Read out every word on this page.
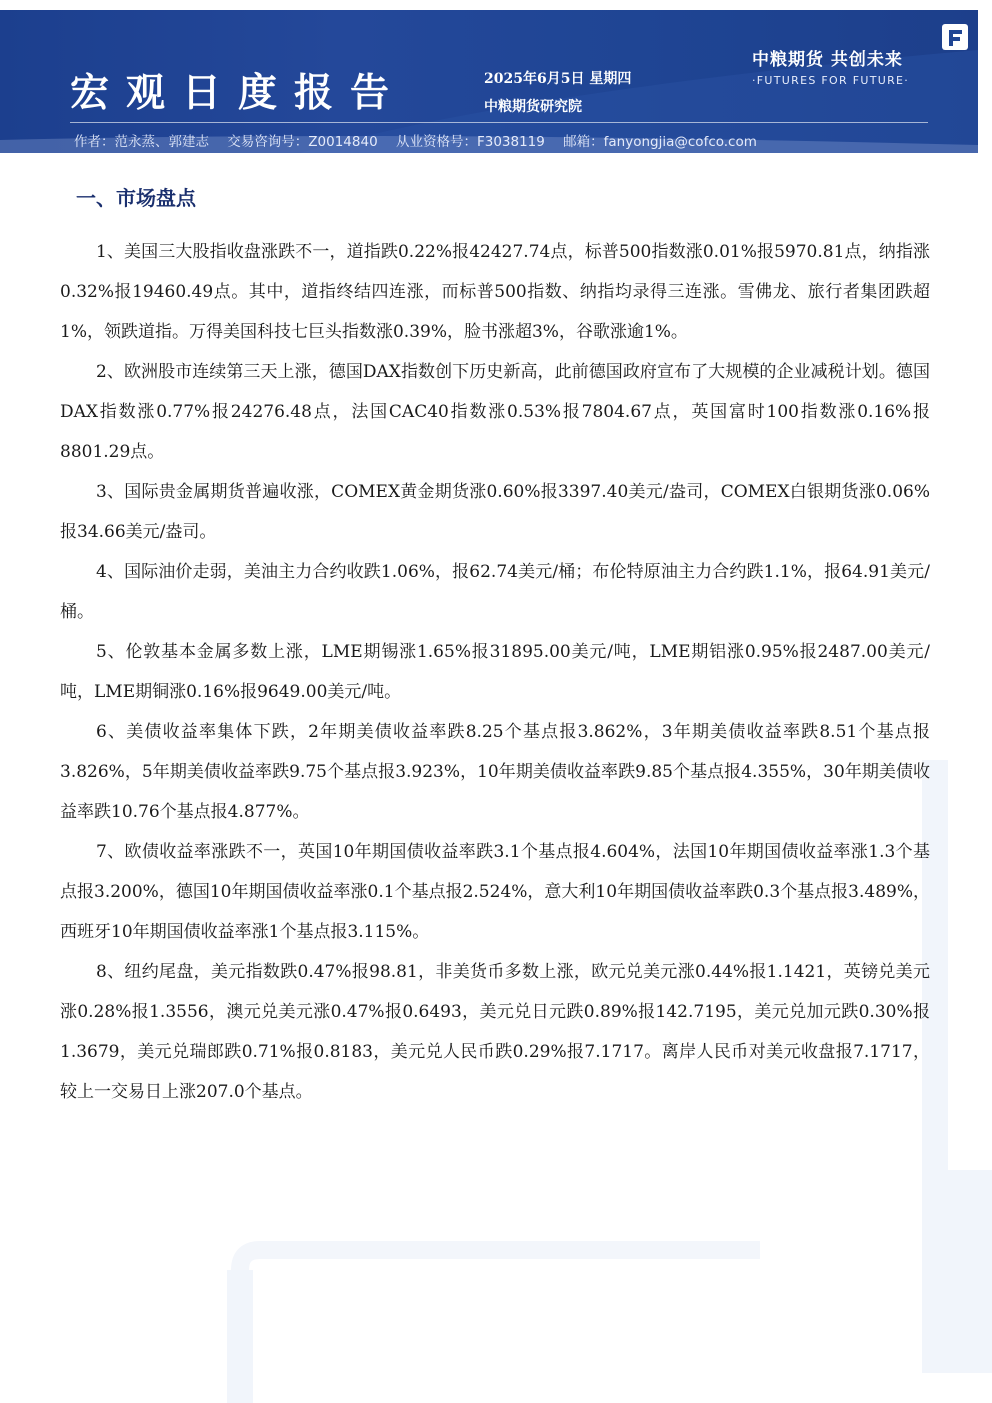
宏观日度报告	2025年6月5日 星期四
中粮期货研究院
中粮期货 共创未来
·FUTURES FOR FUTURE·
作者：范永蒸、郭建志 交易咨询号：Z0014840 从业资格号：F3038119 邮箱：fanyongjia@cofco.com
一、市场盘点

1、美国三大股指收盘涨跌不一，道指跌0.22%报42427.74点，标普500指数涨0.01%报5970.81点，纳指涨0.32%报19460.49点。其中，道指终结四连涨，而标普500指数、纳指均录得三连涨。雪佛龙、旅行者集团跌超1%，领跌道指。万得美国科技七巨头指数涨0.39%，脸书涨超3%，谷歌涨逾1%。

2、欧洲股市连续第三天上涨，德国DAX指数创下历史新高，此前德国政府宣布了大规模的企业减税计划。德国DAX指数涨0.77%报24276.48点，法国CAC40指数涨0.53%报7804.67点，英国富时100指数涨0.16%报8801.29点。

3、国际贵金属期货普遍收涨，COMEX黄金期货涨0.60%报3397.40美元/盎司，COMEX白银期货涨0.06%报34.66美元/盎司。

4、国际油价走弱，美油主力合约收跌1.06%，报62.74美元/桶；布伦特原油主力合约跌1.1%，报64.91美元/桶。

5、伦敦基本金属多数上涨，LME期锡涨1.65%报31895.00美元/吨，LME期铝涨0.95%报2487.00美元/吨，LME期铜涨0.16%报9649.00美元/吨。

6、美债收益率集体下跌，2年期美债收益率跌8.25个基点报3.862%，3年期美债收益率跌8.51个基点报3.826%，5年期美债收益率跌9.75个基点报3.923%，10年期美债收益率跌9.85个基点报4.355%，30年期美债收益率跌10.76个基点报4.877%。

7、欧债收益率涨跌不一，英国10年期国债收益率跌3.1个基点报4.604%，法国10年期国债收益率涨1.3个基点报3.200%，德国10年期国债收益率涨0.1个基点报2.524%，意大利10年期国债收益率跌0.3个基点报3.489%，西班牙10年期国债收益率涨1个基点报3.115%。

8、纽约尾盘，美元指数跌0.47%报98.81，非美货币多数上涨，欧元兑美元涨0.44%报1.1421，英镑兑美元涨0.28%报1.3556，澳元兑美元涨0.47%报0.6493，美元兑日元跌0.89%报142.7195，美元兑加元跌0.30%报1.3679，美元兑瑞郎跌0.71%报0.8183，美元兑人民币跌0.29%报7.1717。离岸人民币对美元收盘报7.1717，较上一交易日上涨207.0个基点。
